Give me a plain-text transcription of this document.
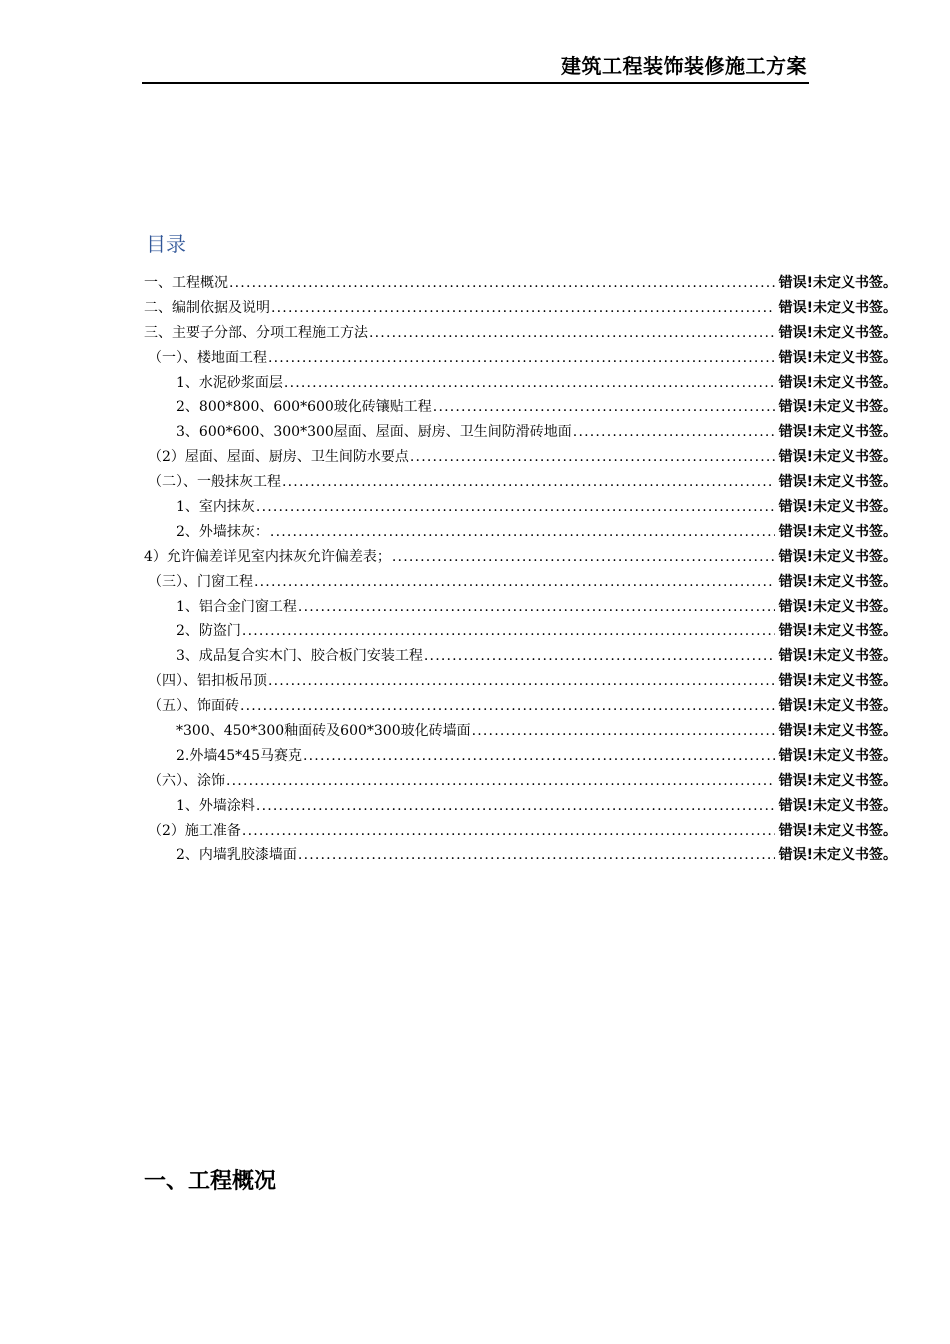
建筑工程装饰装修施工方案
目录
一、工程概况 .....	错误!未定义书签。
二、编制依据及说明 .....	错误!未定义书签。
三、主要子分部、分项工程施工方法 .....	错误!未定义书签。
（一）、楼地面工程 .....	错误!未定义书签。
1、水泥砂浆面层 .....	错误!未定义书签。
2、800*800、600*600玻化砖镶贴工程 .....	错误!未定义书签。
3、600*600、300*300屋面、屋面、厨房、卫生间防滑砖地面 .....	错误!未定义书签。
（2）屋面、屋面、厨房、卫生间防水要点 .....	错误!未定义书签。
（二）、一般抹灰工程 .....	错误!未定义书签。
1、室内抹灰 .....	错误!未定义书签。
2、外墙抹灰： .....	错误!未定义书签。
4）允许偏差详见室内抹灰允许偏差表； .....	错误!未定义书签。
（三）、门窗工程 .....	错误!未定义书签。
1、铝合金门窗工程 .....	错误!未定义书签。
2、防盗门 .....	错误!未定义书签。
3、成品复合实木门、胶合板门安装工程 .....	错误!未定义书签。
（四）、铝扣板吊顶 .....	错误!未定义书签。
（五）、饰面砖 .....	错误!未定义书签。
*300、450*300釉面砖及600*300玻化砖墙面 .....	错误!未定义书签。
2.外墙45*45马赛克 .....	错误!未定义书签。
（六）、涂饰 .....	错误!未定义书签。
1、外墙涂料 .....	错误!未定义书签。
（2）施工准备 .....	错误!未定义书签。
2、内墙乳胶漆墙面 .....	错误!未定义书签。
一、工程概况
